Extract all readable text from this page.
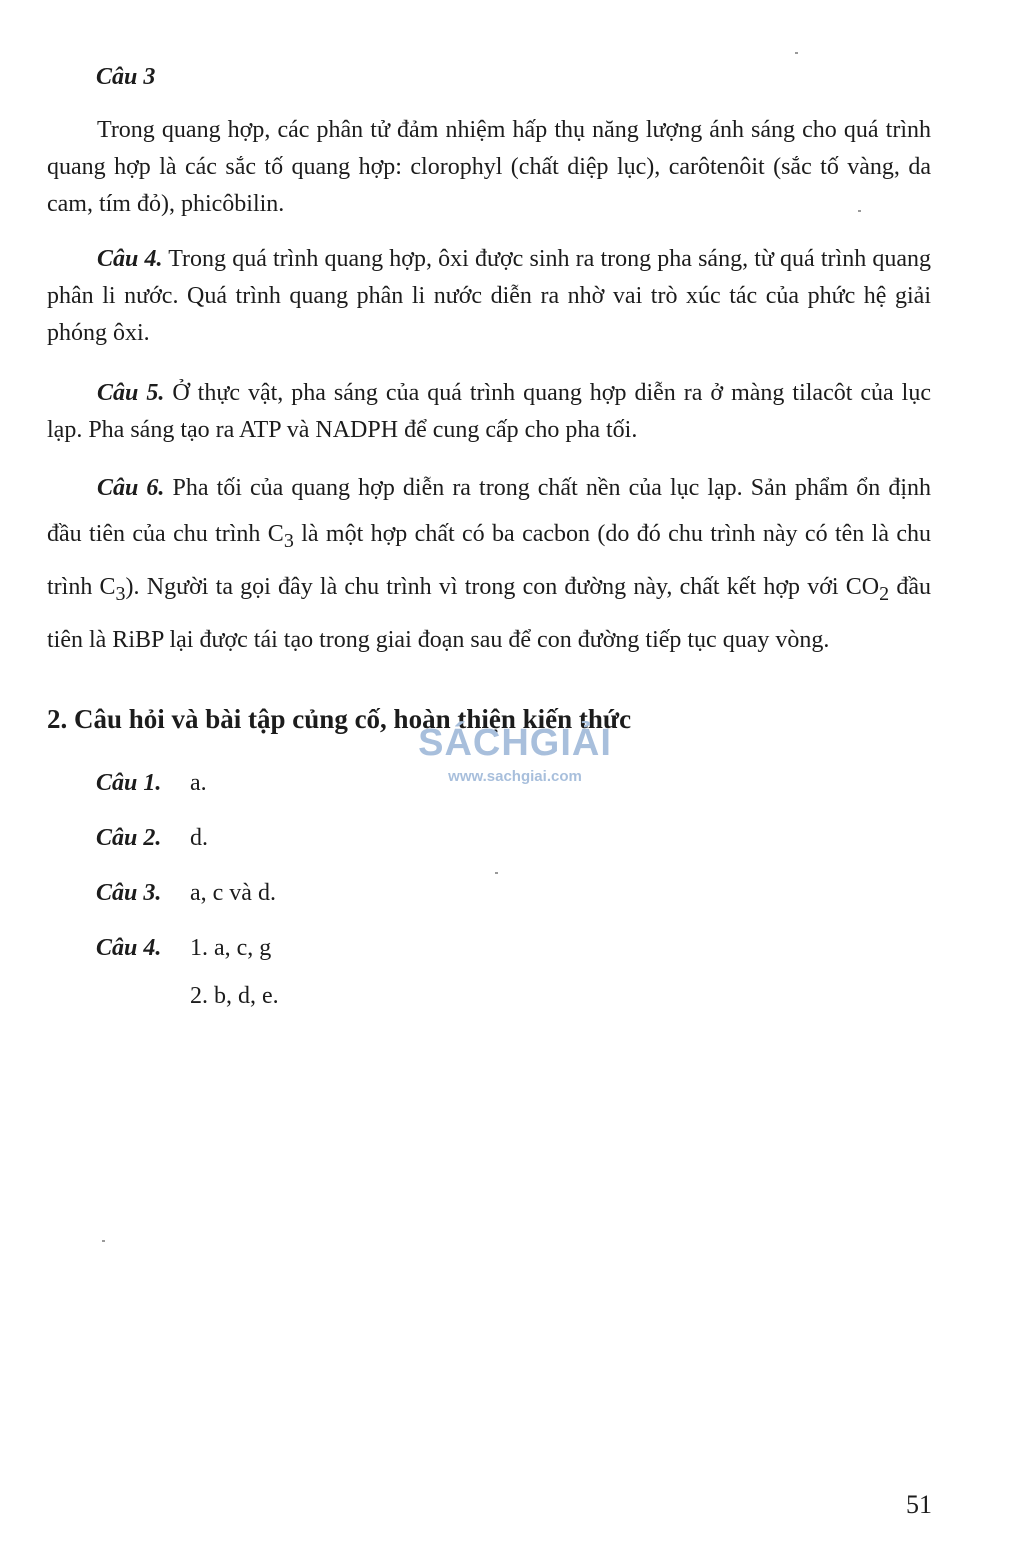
Câu 3

Trong quang hợp, các phân tử đảm nhiệm hấp thụ năng lượng ánh sáng cho quá trình quang hợp là các sắc tố quang hợp: clorophyl (chất diệp lục), carôtenôit (sắc tố vàng, da cam, tím đỏ), phicôbilin.

Câu 4. Trong quá trình quang hợp, ôxi được sinh ra trong pha sáng, từ quá trình quang phân li nước. Quá trình quang phân li nước diễn ra nhờ vai trò xúc tác của phức hệ giải phóng ôxi.

Câu 5. Ở thực vật, pha sáng của quá trình quang hợp diễn ra ở màng tilacôt của lục lạp. Pha sáng tạo ra ATP và NADPH để cung cấp cho pha tối.

Câu 6. Pha tối của quang hợp diễn ra trong chất nền của lục lạp. Sản phẩm ổn định đầu tiên của chu trình $C_3$ là một hợp chất có ba cacbon (do đó chu trình này có tên là chu trình $C_3$). Người ta gọi đây là chu trình vì trong con đường này, chất kết hợp với $CO_2$ đầu tiên là RiBP lại được tái tạo trong giai đoạn sau để con đường tiếp tục quay vòng.

2. Câu hỏi và bài tập củng cố, hoàn thiện kiến thức
SÁCHGIẢI
www.sachgiai.com
Câu 1. a.
Câu 2. d.
Câu 3. a, c và d.
Câu 4. 1. a, c, g
2. b, d, e.
51
